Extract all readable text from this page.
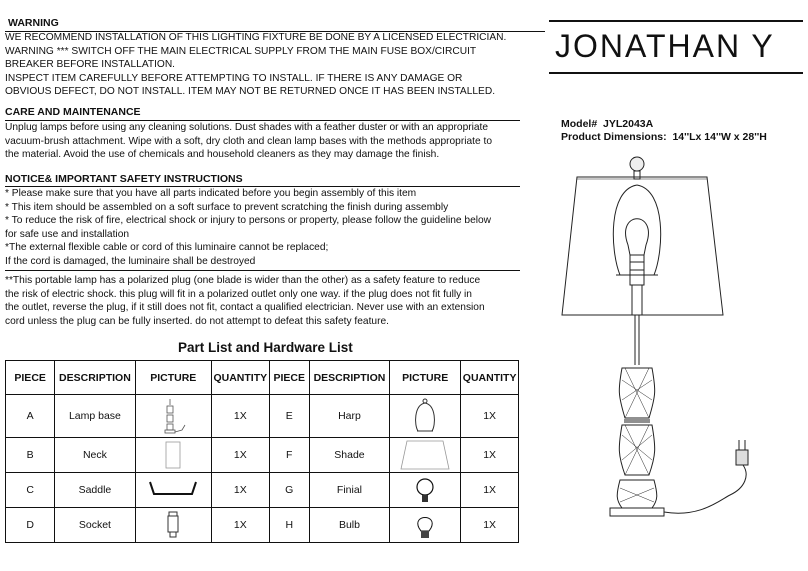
WARNING
WE RECOMMEND INSTALLATION OF THIS LIGHTING FIXTURE BE DONE BY A LICENSED ELECTRICIAN.
WARNING *** SWITCH OFF THE MAIN ELECTRICAL SUPPLY FROM THE MAIN FUSE BOX/CIRCUIT
BREAKER BEFORE INSTALLATION.
INSPECT ITEM CAREFULLY BEFORE ATTEMPTING TO INSTALL. IF THERE IS ANY DAMAGE OR
OBVIOUS DEFECT, DO NOT INSTALL. ITEM MAY NOT BE RETURNED ONCE IT HAS BEEN INSTALLED.
CARE AND MAINTENANCE
Unplug lamps before using any cleaning solutions. Dust shades with a feather duster or with an appropriate
vacuum-brush attachment. Wipe with a soft, dry cloth and clean lamp bases with the methods appropriate to
the material. Avoid the use of chemicals and household cleaners as they may damage the finish.
NOTICE& IMPORTANT SAFETY INSTRUCTIONS
* Please make sure that you have all parts indicated before you begin assembly of this item
* This item should be assembled on a soft surface to prevent scratching the finish during assembly
* To reduce the risk of fire, electrical shock or injury to persons or property, please follow the guideline below
for safe use and installation
*The external flexible cable or cord of this luminaire cannot be replaced;
If the cord is damaged, the luminaire shall be destroyed
**This portable lamp has a polarized plug (one blade is wider than the other) as a safety feature to reduce
the risk of electric shock. this plug will fit in a polarized outlet only one way. if the plug does not fit fully in
the outlet, reverse the plug, if it still does not fit, contact a qualified electrician. Never use with an extension
cord unless the plug can be fully inserted. do not attempt to defeat this safety feature.
Part List and Hardware List
JONATHAN Y
Model# JYL2043A
Product Dimensions: 14''Lx 14''W x 28''H
PIECE	DESCRIPTION	PICTURE	QUANTITY	PIECE	DESCRIPTION	PICTURE	QUANTITY
A	Lamp base		1X	E	Harp		1X
B	Neck		1X	F	Shade		1X
C	Saddle		1X	G	Finial		1X
D	Socket		1X	H	Bulb		1X
